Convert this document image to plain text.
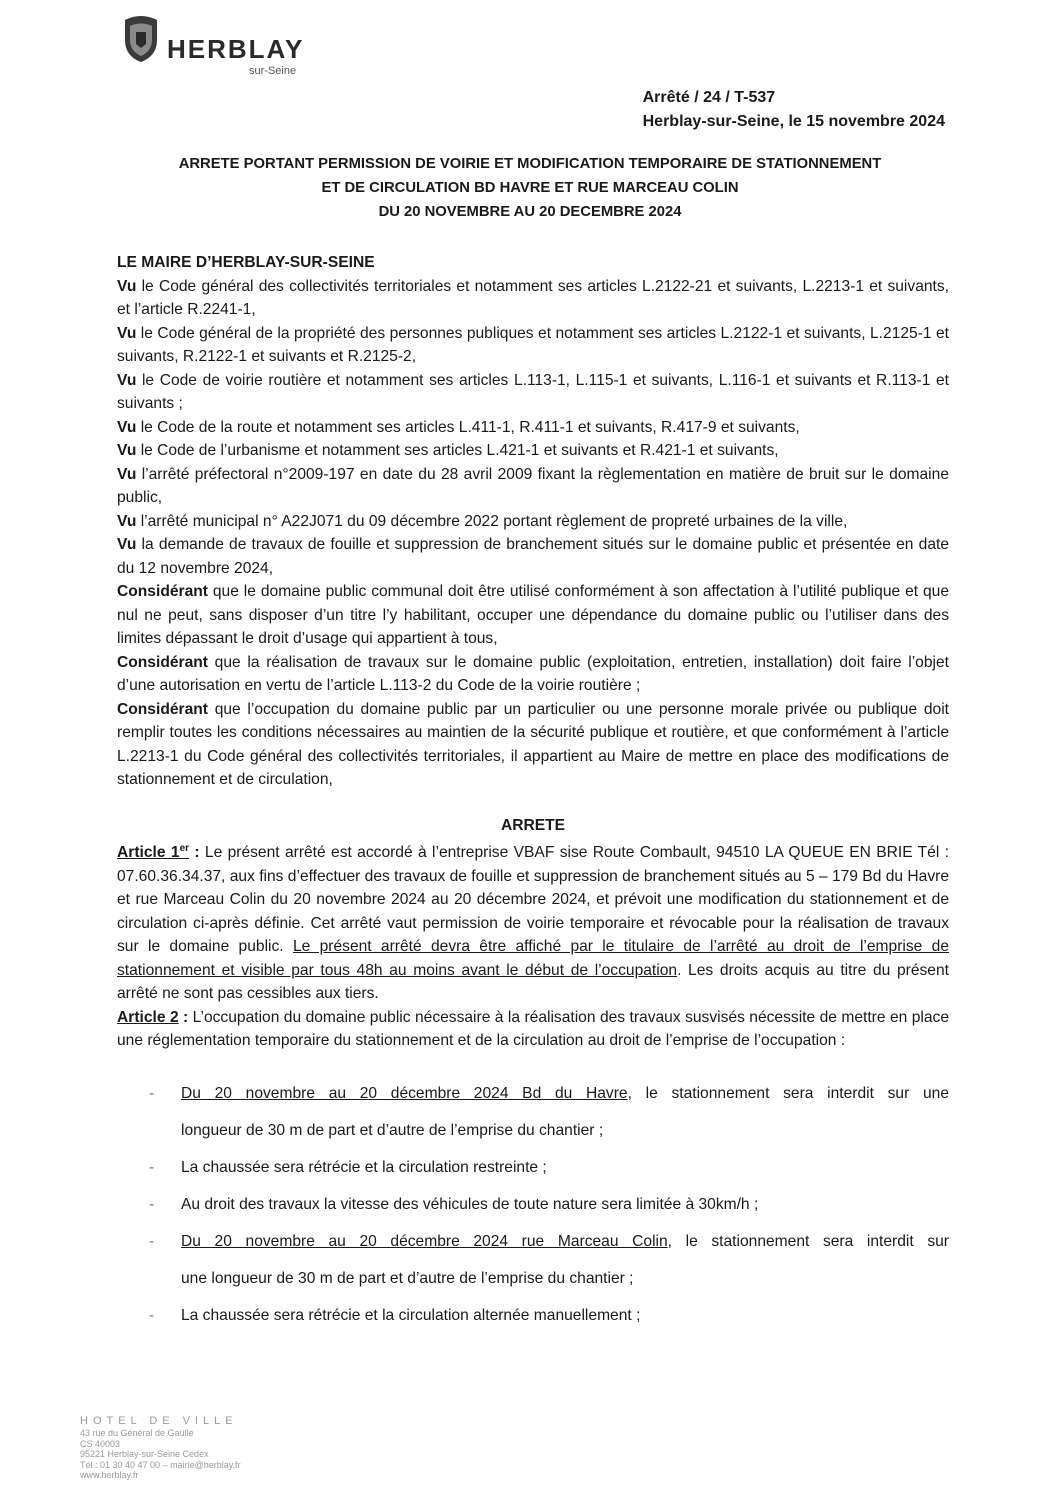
HERBLAY
sur-Seine
Arrêté / 24 / T-537
Herblay-sur-Seine, le 15 novembre 2024
ARRETE PORTANT PERMISSION DE VOIRIE ET MODIFICATION TEMPORAIRE DE STATIONNEMENT
ET DE CIRCULATION BD HAVRE ET RUE MARCEAU COLIN
DU 20 NOVEMBRE AU 20 DECEMBRE 2024

LE MAIRE D’HERBLAY-SUR-SEINE

Vu le Code général des collectivités territoriales et notamment ses articles L.2122-21 et suivants, L.2213-1 et suivants, et l’article R.2241-1,

Vu le Code général de la propriété des personnes publiques et notamment ses articles L.2122-1 et suivants, L.2125-1 et suivants, R.2122-1 et suivants et R.2125-2,

Vu le Code de voirie routière et notamment ses articles L.113-1, L.115-1 et suivants, L.116-1 et suivants et R.113-1 et suivants ;

Vu le Code de la route et notamment ses articles L.411-1, R.411-1 et suivants, R.417-9 et suivants,

Vu le Code de l’urbanisme et notamment ses articles L.421-1 et suivants et R.421-1 et suivants,

Vu l’arrêté préfectoral n°2009-197 en date du 28 avril 2009 fixant la règlementation en matière de bruit sur le domaine public,

Vu l’arrêté municipal n° A22J071 du 09 décembre 2022 portant règlement de propreté urbaines de la ville,

Vu la demande de travaux de fouille et suppression de branchement situés sur le domaine public et présentée en date du 12 novembre 2024,

Considérant que le domaine public communal doit être utilisé conformément à son affectation à l’utilité publique et que nul ne peut, sans disposer d’un titre l’y habilitant, occuper une dépendance du domaine public ou l’utiliser dans des limites dépassant le droit d’usage qui appartient à tous,

Considérant que la réalisation de travaux sur le domaine public (exploitation, entretien, installation) doit faire l’objet d’une autorisation en vertu de l’article L.113-2 du Code de la voirie routière ;

Considérant que l’occupation du domaine public par un particulier ou une personne morale privée ou publique doit remplir toutes les conditions nécessaires au maintien de la sécurité publique et routière, et que conformément à l’article L.2213-1 du Code général des collectivités territoriales, il appartient au Maire de mettre en place des modifications de stationnement et de circulation,

ARRETE

Article 1er : Le présent arrêté est accordé à l’entreprise VBAF sise Route Combault, 94510 LA QUEUE EN BRIE Tél : 07.60.36.34.37, aux fins d’effectuer des travaux de fouille et suppression de branchement situés au 5 – 179 Bd du Havre et rue Marceau Colin du 20 novembre 2024 au 20 décembre 2024, et prévoit une modification du stationnement et de circulation ci-après définie. Cet arrêté vaut permission de voirie temporaire et révocable pour la réalisation de travaux sur le domaine public. Le présent arrêté devra être affiché par le titulaire de l’arrêté au droit de l’emprise de stationnement et visible par tous 48h au moins avant le début de l’occupation. Les droits acquis au titre du présent arrêté ne sont pas cessibles aux tiers.

Article 2 : L’occupation du domaine public nécessaire à la réalisation des travaux susvisés nécessite de mettre en place une réglementation temporaire du stationnement et de la circulation au droit de l’emprise de l’occupation :

- Du 20 novembre au 20 décembre 2024 Bd du Havre, le stationnement sera interdit sur une
longueur de 30 m de part et d’autre de l’emprise du chantier ;
- La chaussée sera rétrécie et la circulation restreinte ;
- Au droit des travaux la vitesse des véhicules de toute nature sera limitée à 30km/h ;
- Du 20 novembre au 20 décembre 2024 rue Marceau Colin, le stationnement sera interdit sur
une longueur de 30 m de part et d’autre de l’emprise du chantier ;
- La chaussée sera rétrécie et la circulation alternée manuellement ;
HOTEL DE VILLE
43 rue du Général de Gaulle
CS 40003
95221 Herblay-sur-Seine Cedex
Tél : 01 30 40 47 00 – mairie@herblay.fr
www.herblay.fr
